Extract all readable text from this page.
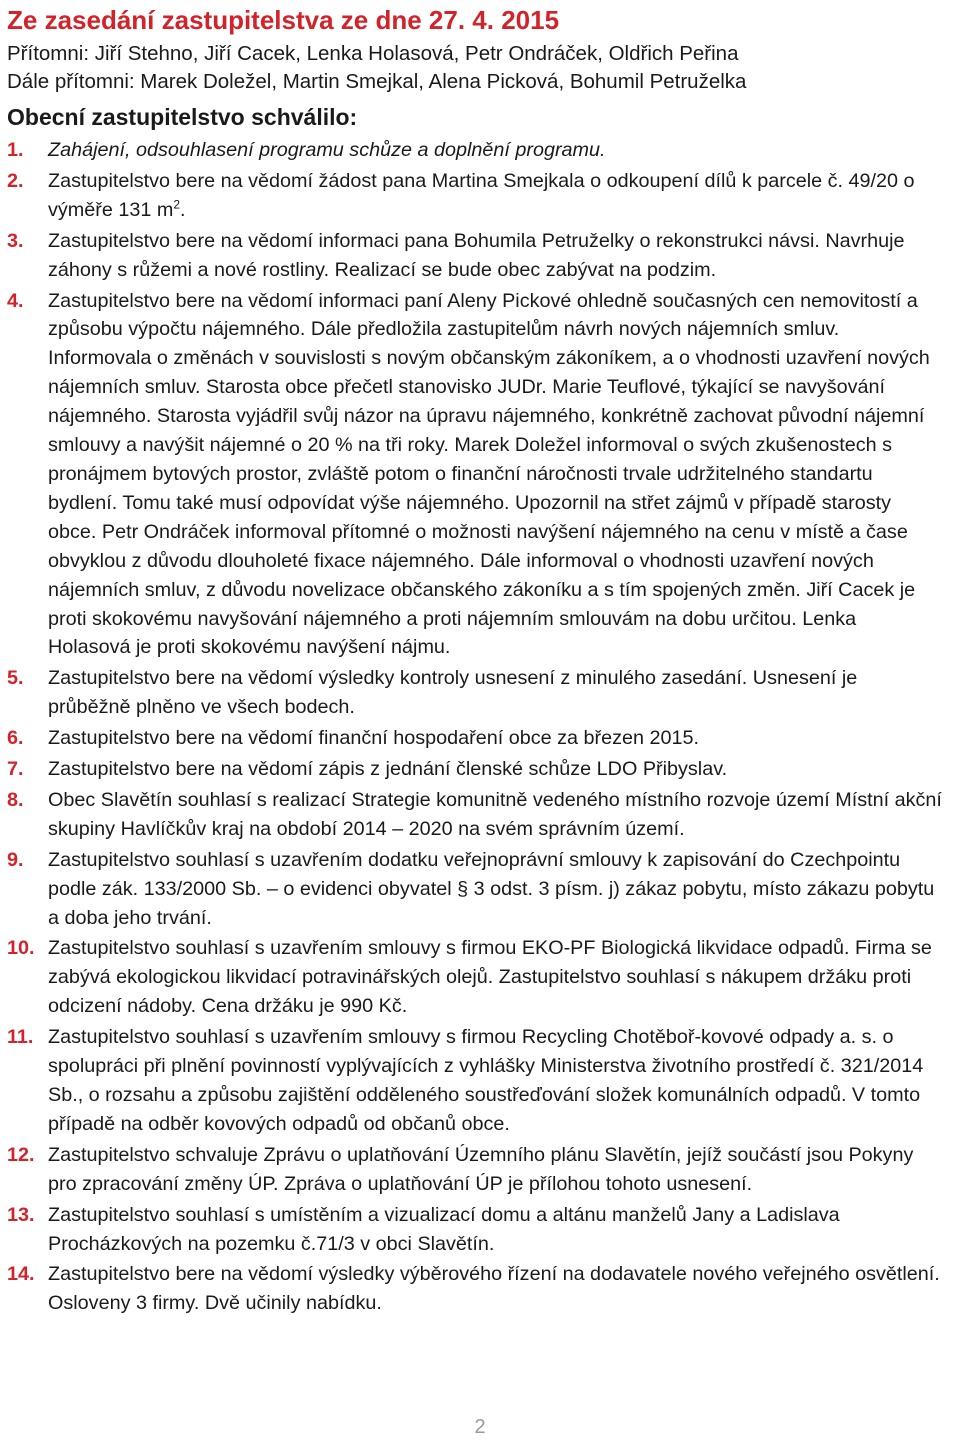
Ze zasedání zastupitelstva ze dne 27. 4. 2015

Přítomni: Jiří Stehno, Jiří Cacek, Lenka Holasová, Petr Ondráček, Oldřich Peřina

Dále přítomni: Marek Doležel, Martin Smejkal, Alena Picková, Bohumil Petruželka

Obecní zastupitelstvo schválilo:
1. Zahájení, odsouhlasení programu schůze a doplnění programu.
2. Zastupitelstvo bere na vědomí žádost pana Martina Smejkala o odkoupení dílů k parcele č. 49/20 o výměře 131 $m^2$.
3. Zastupitelstvo bere na vědomí informaci pana Bohumila Petruželky o rekonstrukci návsi. Navrhuje záhony s růžemi a nové rostliny. Realizací se bude obec zabývat na podzim.
4. Zastupitelstvo bere na vědomí informaci paní Aleny Pickové ohledně současných cen nemovitostí a způsobu výpočtu nájemného. Dále předložila zastupitelům návrh nových nájemních smluv. Informovala o změnách v souvislosti s novým občanským zákoníkem, a o vhodnosti uzavření nových nájemních smluv. Starosta obce přečetl stanovisko JUDr. Marie Teuflové, týkající se navyšování nájemného. Starosta vyjádřil svůj názor na úpravu nájemného, konkrétně zachovat původní nájemní smlouvy a navýšit nájemné o 20 % na tři roky. Marek Doležel informoval o svých zkušenostech s pronájmem bytových prostor, zvláště potom o finanční náročnosti trvale udržitelného standartu bydlení. Tomu také musí odpovídat výše nájemného. Upozornil na střet zájmů v případě starosty obce. Petr Ondráček informoval přítomné o možnosti navýšení nájemného na cenu v místě a čase obvyklou z důvodu dlouholeté fixace nájemného. Dále informoval o vhodnosti uzavření nových nájemních smluv, z důvodu novelizace občanského zákoníku a s tím spojených změn. Jiří Cacek je proti skokovému navyšování nájemného a proti nájemním smlouvám na dobu určitou. Lenka Holasová je proti skokovému navýšení nájmu.
5. Zastupitelstvo bere na vědomí výsledky kontroly usnesení z minulého zasedání. Usnesení je průběžně plněno ve všech bodech.
6. Zastupitelstvo bere na vědomí finanční hospodaření obce za březen 2015.
7. Zastupitelstvo bere na vědomí zápis z jednání členské schůze LDO Přibyslav.
8. Obec Slavětín souhlasí s realizací Strategie komunitně vedeného místního rozvoje území Místní akční skupiny Havlíčkův kraj na období 2014 – 2020 na svém správním území.
9. Zastupitelstvo souhlasí s uzavřením dodatku veřejnoprávní smlouvy k zapisování do Czechpointu podle zák. 133/2000 Sb. – o evidenci obyvatel § 3 odst. 3 písm. j) zákaz pobytu, místo zákazu pobytu a doba jeho trvání.
10. Zastupitelstvo souhlasí s uzavřením smlouvy s firmou EKO-PF Biologická likvidace odpadů. Firma se zabývá ekologickou likvidací potravinářských olejů. Zastupitelstvo souhlasí s nákupem držáku proti odcizení nádoby. Cena držáku je 990 Kč.
11. Zastupitelstvo souhlasí s uzavřením smlouvy s firmou Recycling Chotěboř-kovové odpady a. s. o spolupráci při plnění povinností vyplývajících z vyhlášky Ministerstva životního prostředí č. 321/2014 Sb., o rozsahu a způsobu zajištění odděleného soustřeďování složek komunálních odpadů. V tomto případě na odběr kovových odpadů od občanů obce.
12. Zastupitelstvo schvaluje Zprávu o uplatňování Územního plánu Slavětín, jejíž součástí jsou Pokyny pro zpracování změny ÚP. Zpráva o uplatňování ÚP je přílohou tohoto usnesení.
13. Zastupitelstvo souhlasí s umístěním a vizualizací domu a altánu manželů Jany a Ladislava Procházkových na pozemku č.71/3 v obci Slavětín.
14. Zastupitelstvo bere na vědomí výsledky výběrového řízení na dodavatele nového veřejného osvětlení. Osloveny 3 firmy. Dvě učinily nabídku.
2
